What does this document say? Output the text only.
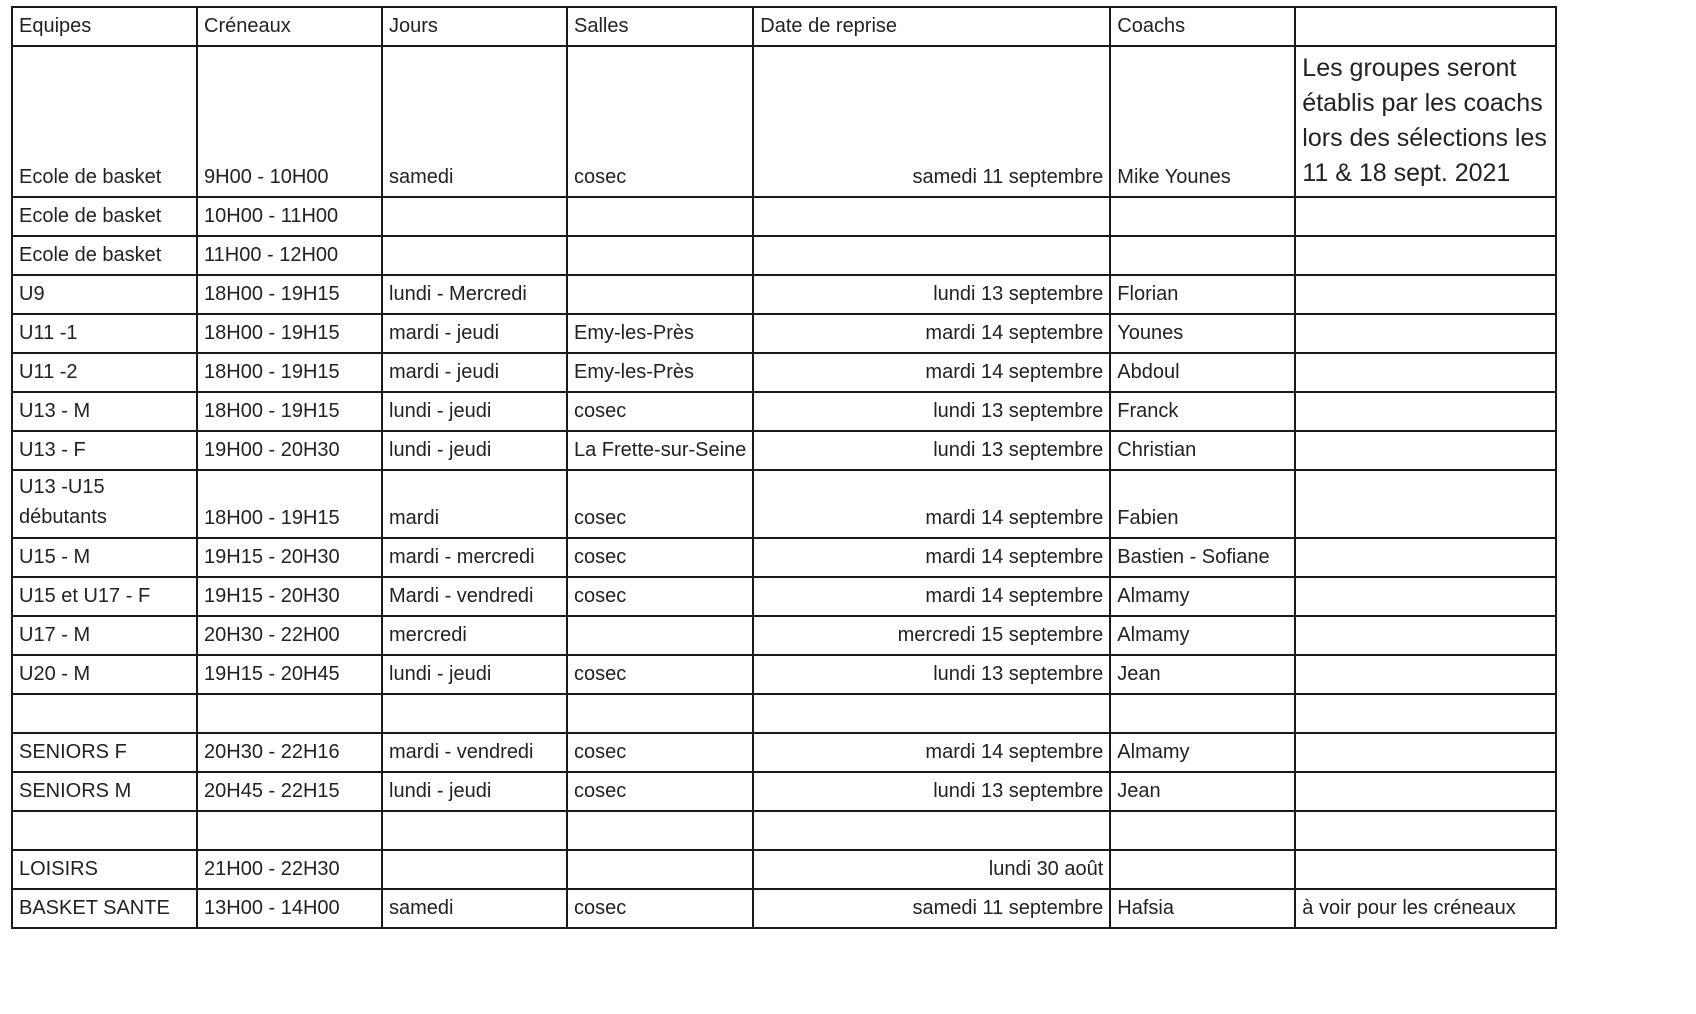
Equipes	Créneaux	Jours	Salles	Date de reprise	Coachs	
Ecole de basket	9H00 - 10H00	samedi	cosec	samedi 11 septembre	Mike Younes	Les groupes seront établis par les coachs lors des sélections les 11 & 18 sept. 2021
Ecole de basket	10H00 - 11H00					
Ecole de basket	11H00 - 12H00					
U9	18H00 - 19H15	lundi - Mercredi		lundi 13 septembre	Florian	
U11 -1	18H00 - 19H15	mardi - jeudi	Emy-les-Près	mardi 14 septembre	Younes	
U11 -2	18H00 - 19H15	mardi - jeudi	Emy-les-Près	mardi 14 septembre	Abdoul	
U13 - M	18H00 - 19H15	lundi - jeudi	cosec	lundi 13 septembre	Franck	
U13 - F	19H00 - 20H30	lundi - jeudi	La Frette-sur-Seine	lundi 13 septembre	Christian	
U13 -U15 débutants	18H00 - 19H15	mardi	cosec	mardi 14 septembre	Fabien	
U15 - M	19H15 - 20H30	mardi - mercredi	cosec	mardi 14 septembre	Bastien - Sofiane	
U15 et U17 - F	19H15 - 20H30	Mardi - vendredi	cosec	mardi 14 septembre	Almamy	
U17 - M	20H30 - 22H00	mercredi		mercredi 15 septembre	Almamy	
U20 - M	19H15 - 20H45	lundi - jeudi	cosec	lundi 13 septembre	Jean	

SENIORS F	20H30 - 22H16	mardi - vendredi	cosec	mardi 14 septembre	Almamy	
SENIORS M	20H45 - 22H15	lundi - jeudi	cosec	lundi 13 septembre	Jean	

LOISIRS	21H00 - 22H30			lundi 30 août		
BASKET SANTE	13H00 - 14H00	samedi	cosec	samedi 11 septembre	Hafsia	à voir pour les créneaux
